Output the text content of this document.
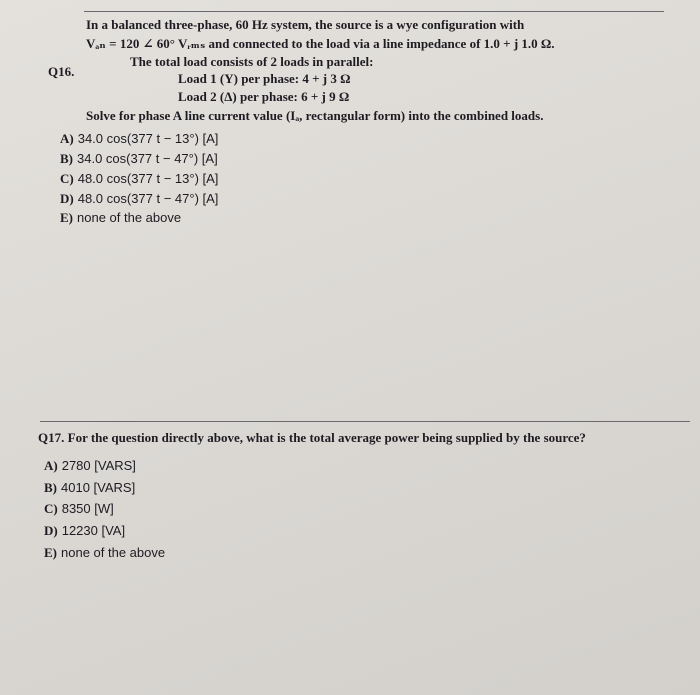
In a balanced three-phase, 60 Hz system, the source is a wye configuration with
Vₐₙ = 120 ∠ 60° Vᵣₘₛ and connected to the load via a line impedance of 1.0 + j 1.0 Ω.
The total load consists of 2 loads in parallel:
Q16.	Load 1 (Y) per phase: 4 + j 3 Ω
Load 2 (Δ) per phase: 6 + j 9 Ω
Solve for phase A line current value (Iₐ, rectangular form) into the combined loads.
A) 34.0 cos(377 t − 13°) [A]
B) 34.0 cos(377 t − 47°) [A]
C) 48.0 cos(377 t − 13°) [A]
D) 48.0 cos(377 t − 47°) [A]
E) none of the above

Q17. For the question directly above, what is the total average power being supplied by the source?
A) 2780 [VARS]
B) 4010 [VARS]
C) 8350 [W]
D) 12230 [VA]
E) none of the above
